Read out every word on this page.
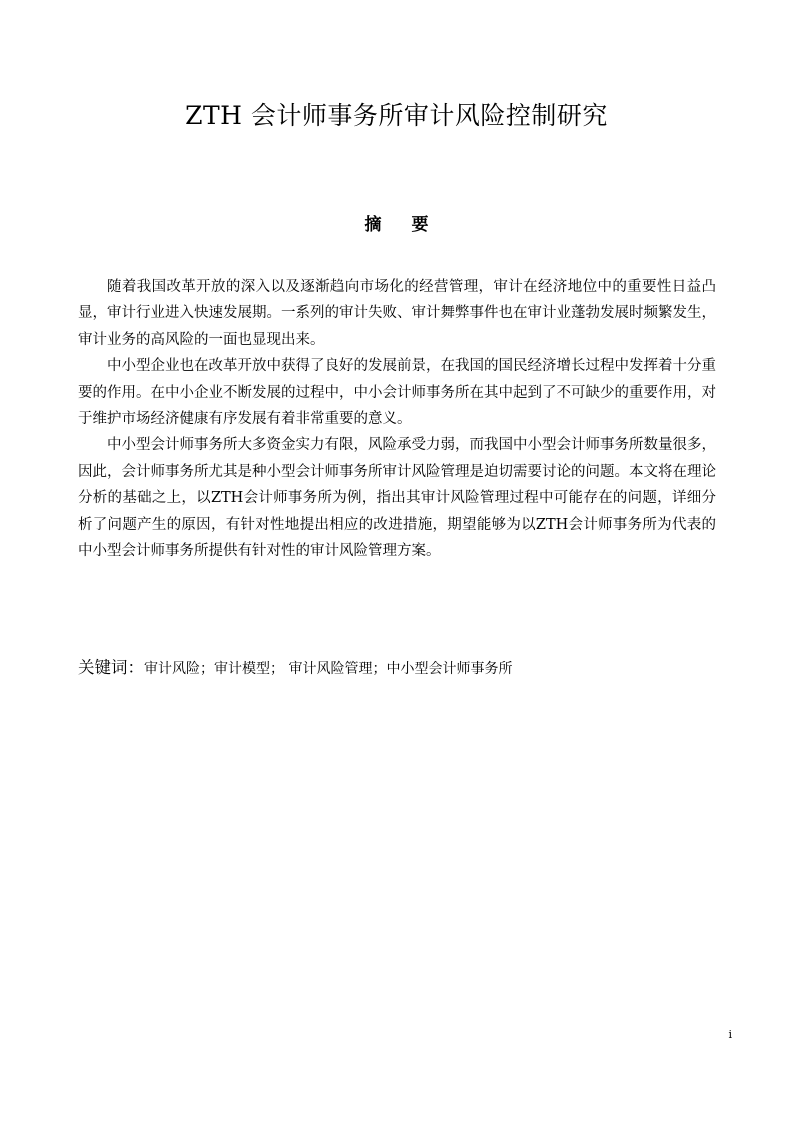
ZTH 会计师事务所审计风险控制研究
摘要

随着我国改革开放的深入以及逐渐趋向市场化的经营管理，审计在经济地位中的重要性日益凸显，审计行业进入快速发展期。一系列的审计失败、审计舞弊事件也在审计业蓬勃发展时频繁发生，审计业务的高风险的一面也显现出来。

中小型企业也在改革开放中获得了良好的发展前景，在我国的国民经济增长过程中发挥着十分重要的作用。在中小企业不断发展的过程中，中小会计师事务所在其中起到了不可缺少的重要作用，对于维护市场经济健康有序发展有着非常重要的意义。

中小型会计师事务所大多资金实力有限，风险承受力弱，而我国中小型会计师事务所数量很多，因此，会计师事务所尤其是种小型会计师事务所审计风险管理是迫切需要讨论的问题。本文将在理论分析的基础之上，以ZTH会计师事务所为例，指出其审计风险管理过程中可能存在的问题，详细分析了问题产生的原因，有针对性地提出相应的改进措施，期望能够为以ZTH会计师事务所为代表的中小型会计师事务所提供有针对性的审计风险管理方案。

关键词：审计风险；审计模型； 审计风险管理；中小型会计师事务所
i
